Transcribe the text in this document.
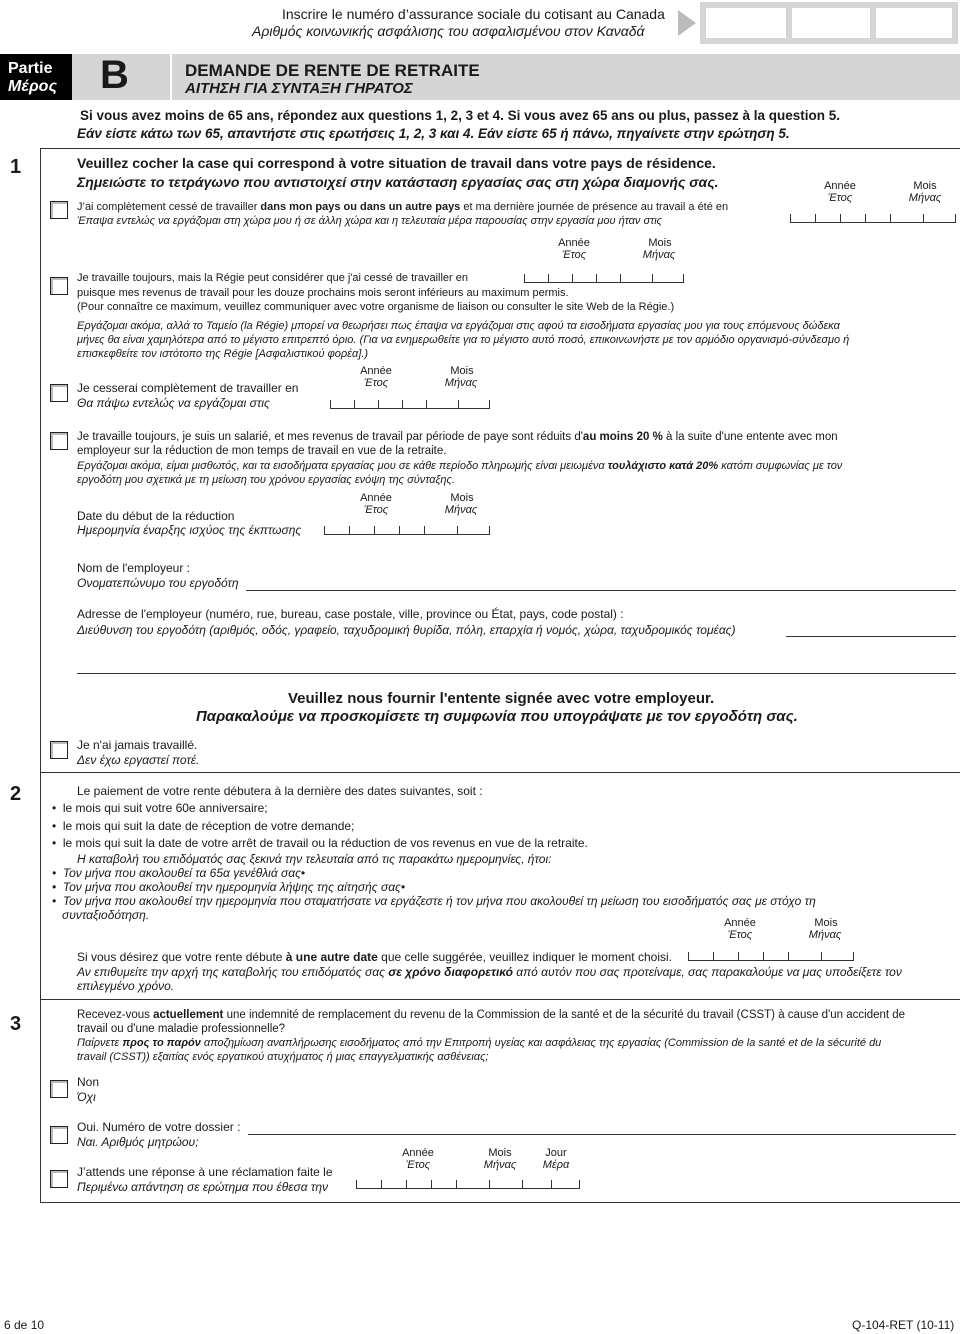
Inscrire le numéro d’assurance sociale du cotisant au Canada
Αριθμός κοινωνικής ασφάλισης του ασφαλισμένου στον Καναδά
Partie
Μέρος B	DEMANDE DE RENTE DE RETRAITE
ΑΙΤΗΣΗ ΓΙΑ ΣΥΝΤΑΞΗ ΓΗΡΑΤΟΣ
Si vous avez moins de 65 ans, répondez aux questions 1, 2, 3 et 4. Si vous avez 65 ans ou plus, passez à la question 5.
Εάν είστε κάτω των 65, απαντήστε στις ερωτήσεις 1, 2, 3 και 4. Εάν είστε 65 ή πάνω, πηγαίνετε στην ερώτηση 5.
1	Veuillez cocher la case qui correspond à votre situation de travail dans votre pays de résidence.
Σημειώστε το τετράγωνο που αντιστοιχεί στην κατάσταση εργασίας σας στη χώρα διαμονής σας.
J’ai complètement cessé de travailler dans mon pays ou dans un autre pays et ma dernière journée de présence au travail a été en
Έπαψα εντελώς να εργάζομαι στη χώρα μου ή σε άλλη χώρα και η τελευταία μέρα παρουσίας στην εργασία μου ήταν στις
Année
Έτος
Mois
Μήνας
Année
Έτος
Mois
Μήνας
Je travaille toujours, mais la Régie peut considérer que j'ai cessé de travailler en
puisque mes revenus de travail pour les douze prochains mois seront inférieurs au maximum permis.
(Pour connaître ce maximum, veuillez communiquer avec votre organisme de liaison ou consulter le site Web de la Régie.)
Εργάζομαι ακόμα, αλλά το Ταμείο (la Régie) μπορεί να θεωρήσει πως έπαψα να εργάζομαι στις αφού τα εισοδήματα εργασίας μου για τους επόμενους δώδεκα
μήνες θα είναι χαμηλότερα από το μέγιστο επιτρεπτό όριο. (Για να ενημερωθείτε για το μέγιστο αυτό ποσό, επικοινωνήστε με τον αρμόδιο οργανισμό-σύνδεσμο ή
επισκεφθείτε τον ιστότοπο της Régie [Ασφαλιστικού φορέα].)
Année
Έτος
Mois
Μήνας
Je cesserai complètement de travailler en
Θα πάψω εντελώς να εργάζομαι στις
Je travaille toujours, je suis un salarié, et mes revenus de travail par période de paye sont réduits d'au moins 20 % à la suite d'une entente avec mon
employeur sur la réduction de mon temps de travail en vue de la retraite.
Εργάζομαι ακόμα, είμαι μισθωτός, και τα εισοδήματα εργασίας μου σε κάθε περίοδο πληρωμής είναι μειωμένα τουλάχιστο κατά 20% κατόπι συμφωνίας με τον
εργοδότη μου σχετικά με τη μείωση του χρόνου εργασίας ενόψη της σύνταξης.
Année
Έτος
Mois
Μήνας
Date du début de la réduction
Ημερομηνία έναρξης ισχύος της έκπτωσης
Nom de l'employeur :
Ονοματεπώνυμο του εργοδότη
Adresse de l'employeur (numéro, rue, bureau, case postale, ville, province ou État, pays, code postal) :
Διεύθυνση του εργοδότη (αριθμός, οδός, γραφείο, ταχυδρομική θυρίδα, πόλη, επαρχία ή νομός, χώρα, ταχυδρομικός τομέας)
Veuillez nous fournir l'entente signée avec votre employeur.
Παρακαλούμε να προσκομίσετε τη συμφωνία που υπογράψατε με τον εργοδότη σας.
Je n'ai jamais travaillé.
Δεν έχω εργαστεί ποτέ.
2	Le paiement de votre rente débutera à la dernière des dates suivantes, soit :
•  le mois qui suit votre 60e anniversaire;
•  le mois qui suit la date de réception de votre demande;
•  le mois qui suit la date de votre arrêt de travail ou la réduction de vos revenus en vue de la retraite.
Η καταβολή του επιδόματός σας ξεκινά την τελευταία από τις παρακάτω ημερομηνίες, ήτοι:
•  Τον μήνα που ακολουθεί τα 65α γενέθλιά σας•
•  Τον μήνα που ακολουθεί την ημερομηνία λήψης της αίτησής σας•
•  Τον μήνα που ακολουθεί την ημερομηνία που σταματήσατε να εργάζεστε ή τον μήνα που ακολουθεί τη μείωση του εισοδήματός σας με στόχο τη
συνταξιοδότηση.
Année
Έτος
Mois
Μήνας
Si vous désirez que votre rente débute à une autre date que celle suggérée, veuillez indiquer le moment choisi.
Αν επιθυμείτε την αρχή της καταβολής του επιδόματός σας σε χρόνο διαφορετικό από αυτόν που σας προτείναμε, σας παρακαλούμε να μας υποδείξετε τον
επιλεγμένο χρόνο.
3	Recevez-vous actuellement une indemnité de remplacement du revenu de la Commission de la santé et de la sécurité du travail (CSST) à cause d'un accident de
travail ou d'une maladie professionnelle?
Παίρνετε προς το παρόν αποζημίωση αναπλήρωσης εισοδήματος από την Επιτροπή υγείας και ασφάλειας της εργασίας (Commission de la santé et de la sécurité du
travail (CSST)) εξαιτίας ενός εργατικού ατυχήματος ή μιας επαγγελματικής ασθένειας;
Non
Όχι
Oui. Numéro de votre dossier :
Ναι. Αριθμός μητρώου;
Année
Έτος
Mois
Μήνας
Jour
Μέρα
J’attends une réponse à une réclamation faite le
Περιμένω απάντηση σε ερώτημα που έθεσα την
6 de 10	Q-104-RET (10-11)
